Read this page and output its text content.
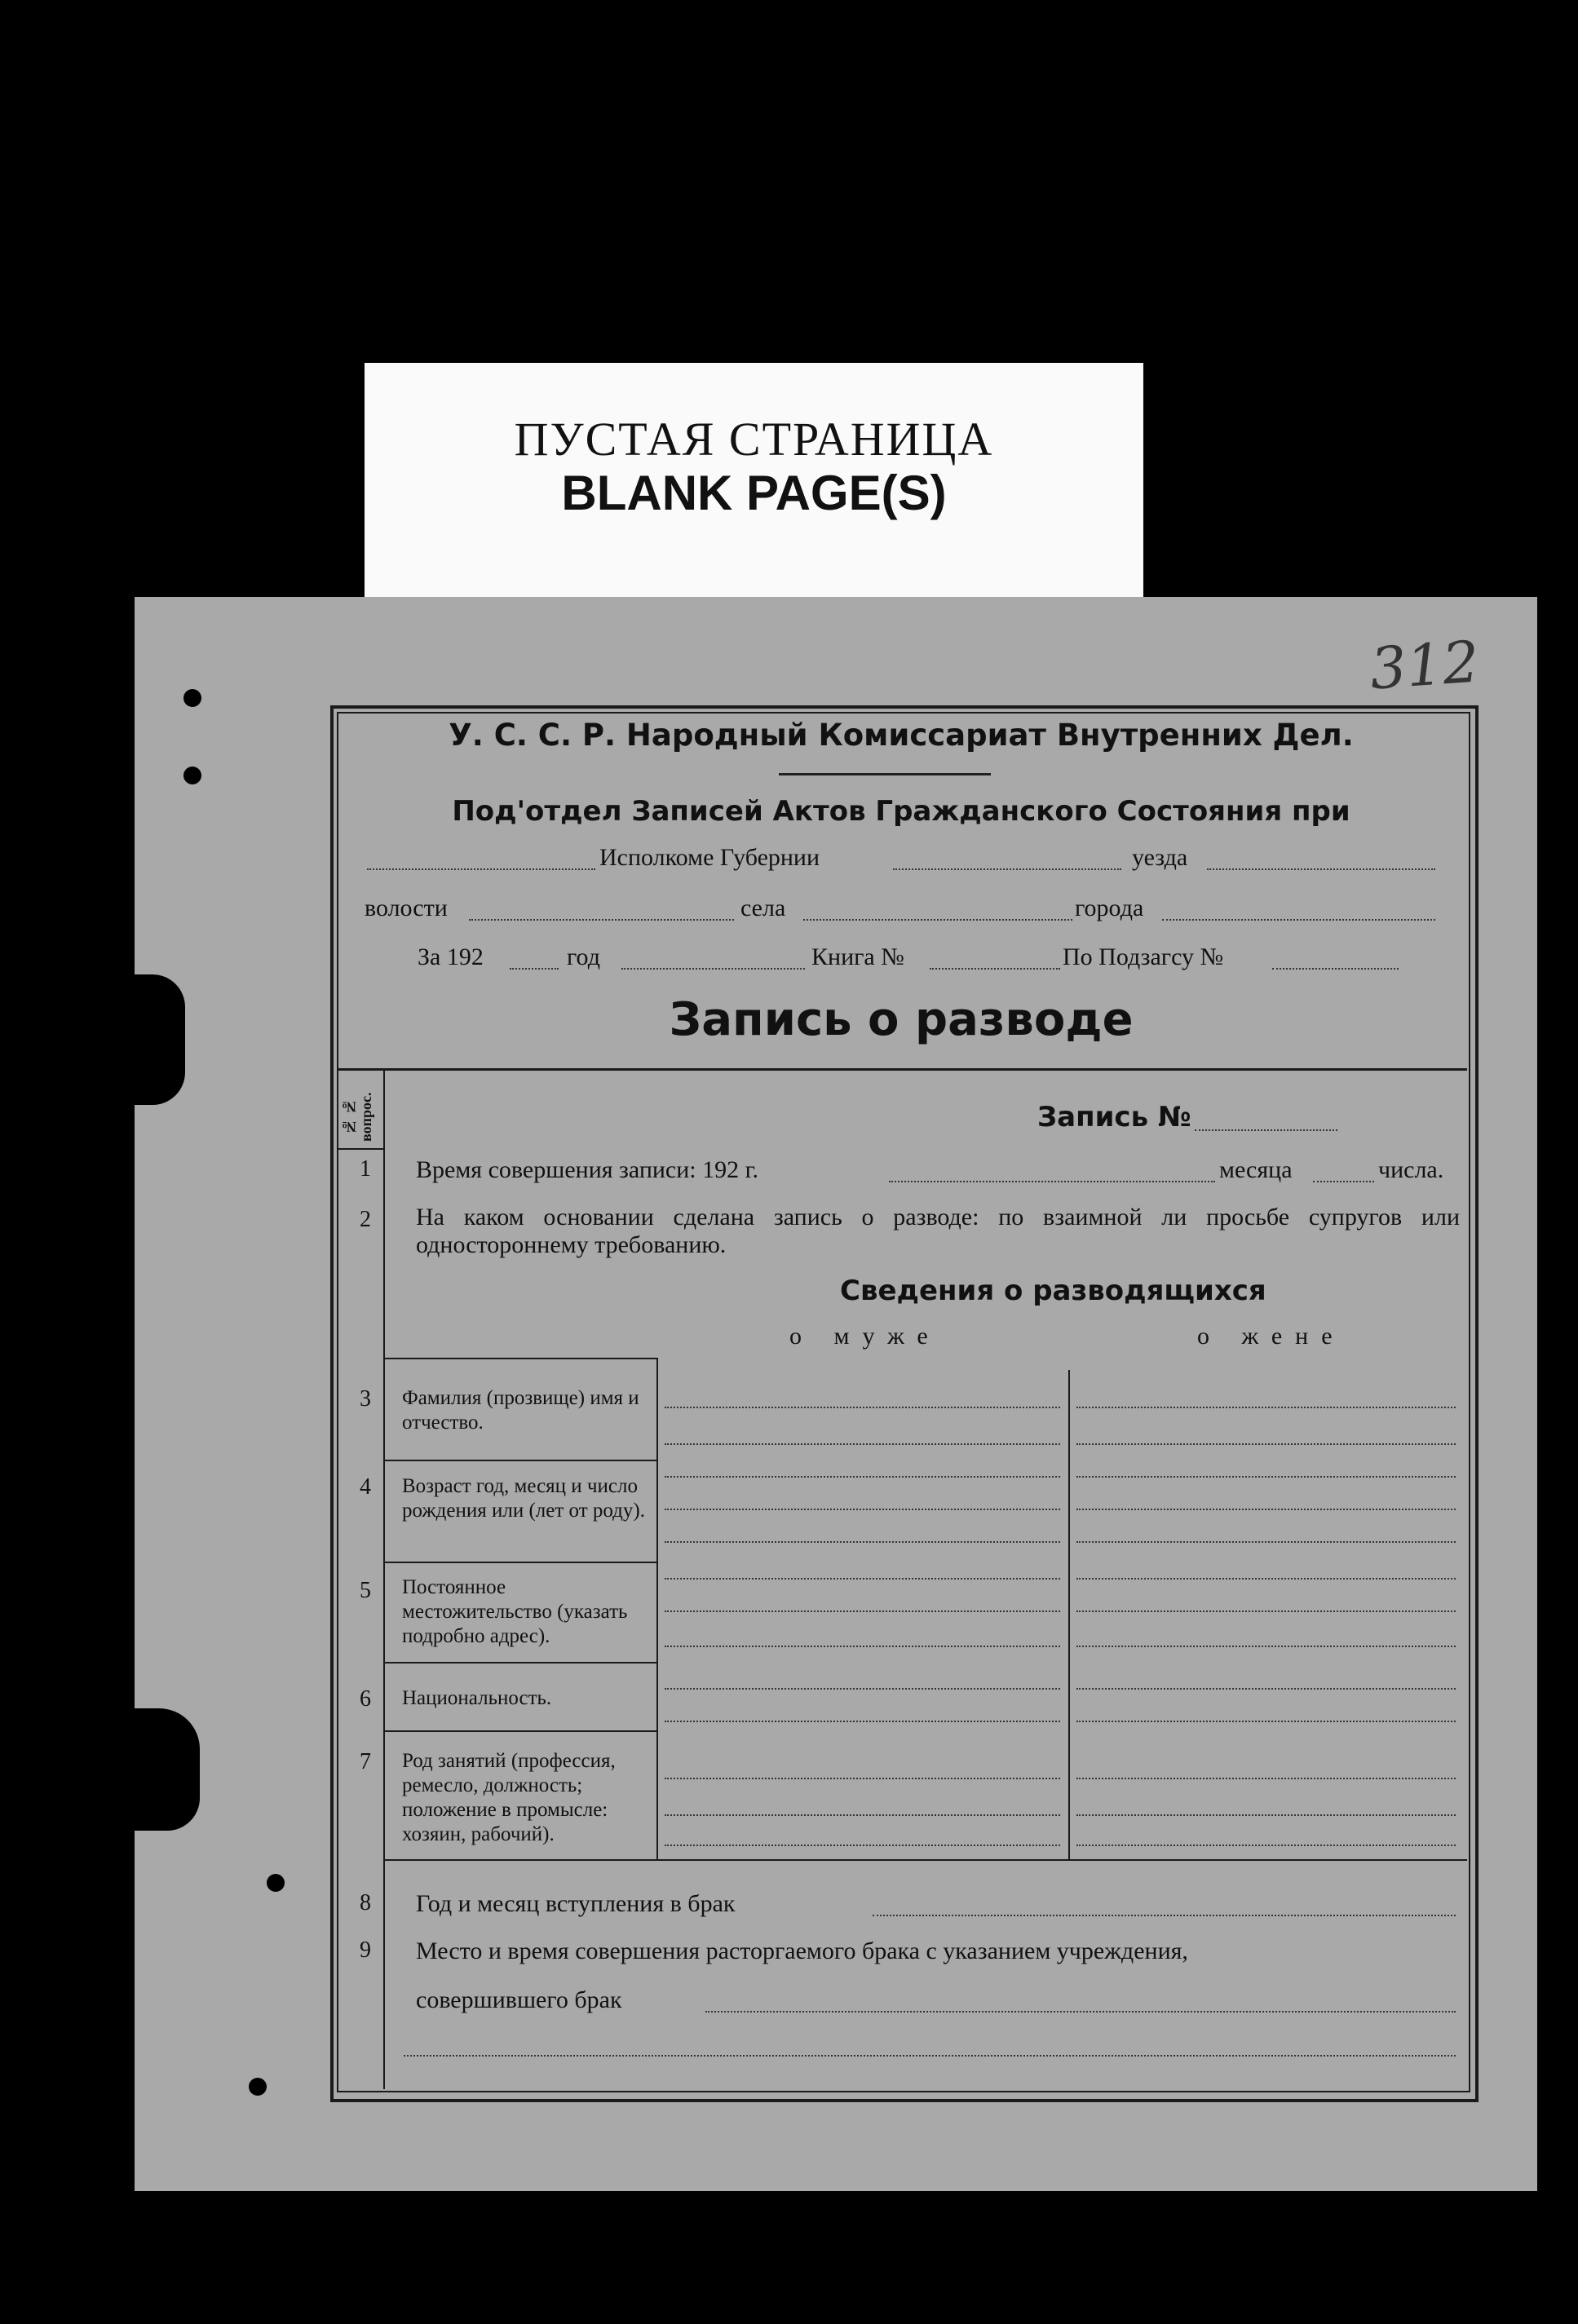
ПУСТАЯ СТРАНИЦА
BLANK PAGE(S)
312
У. С. С. Р. Народный Комиссариат Внутренних Дел.
Под'отдел Записей Актов Гражданского Состояния при
Исполкоме Губернии	уезда
волости	села	города
За 192	год	Книга №	По Подзагсу №
Запись о разводе
№ № вопрос.	Запись №
1	Время совершения записи: 192 г.	месяца	числа.
2	На каком основании сделана запись о разводе: по взаимной ли просьбе супругов или одностороннему требованию.
Сведения о разводящихся
о муже	о жене
3	Фамилия (прозвище) имя и отчество.
4	Возраст год, месяц и число рождения или (лет от роду).
5	Постоянное местожительство (указать подробно адрес).
6	Национальность.
7	Род занятий (профессия, ремесло, должность; положение в промысле: хозяин, рабочий).
8	Год и месяц вступления в брак
9	Место и время совершения расторгаемого брака с указанием учреждения,
совершившего брак
